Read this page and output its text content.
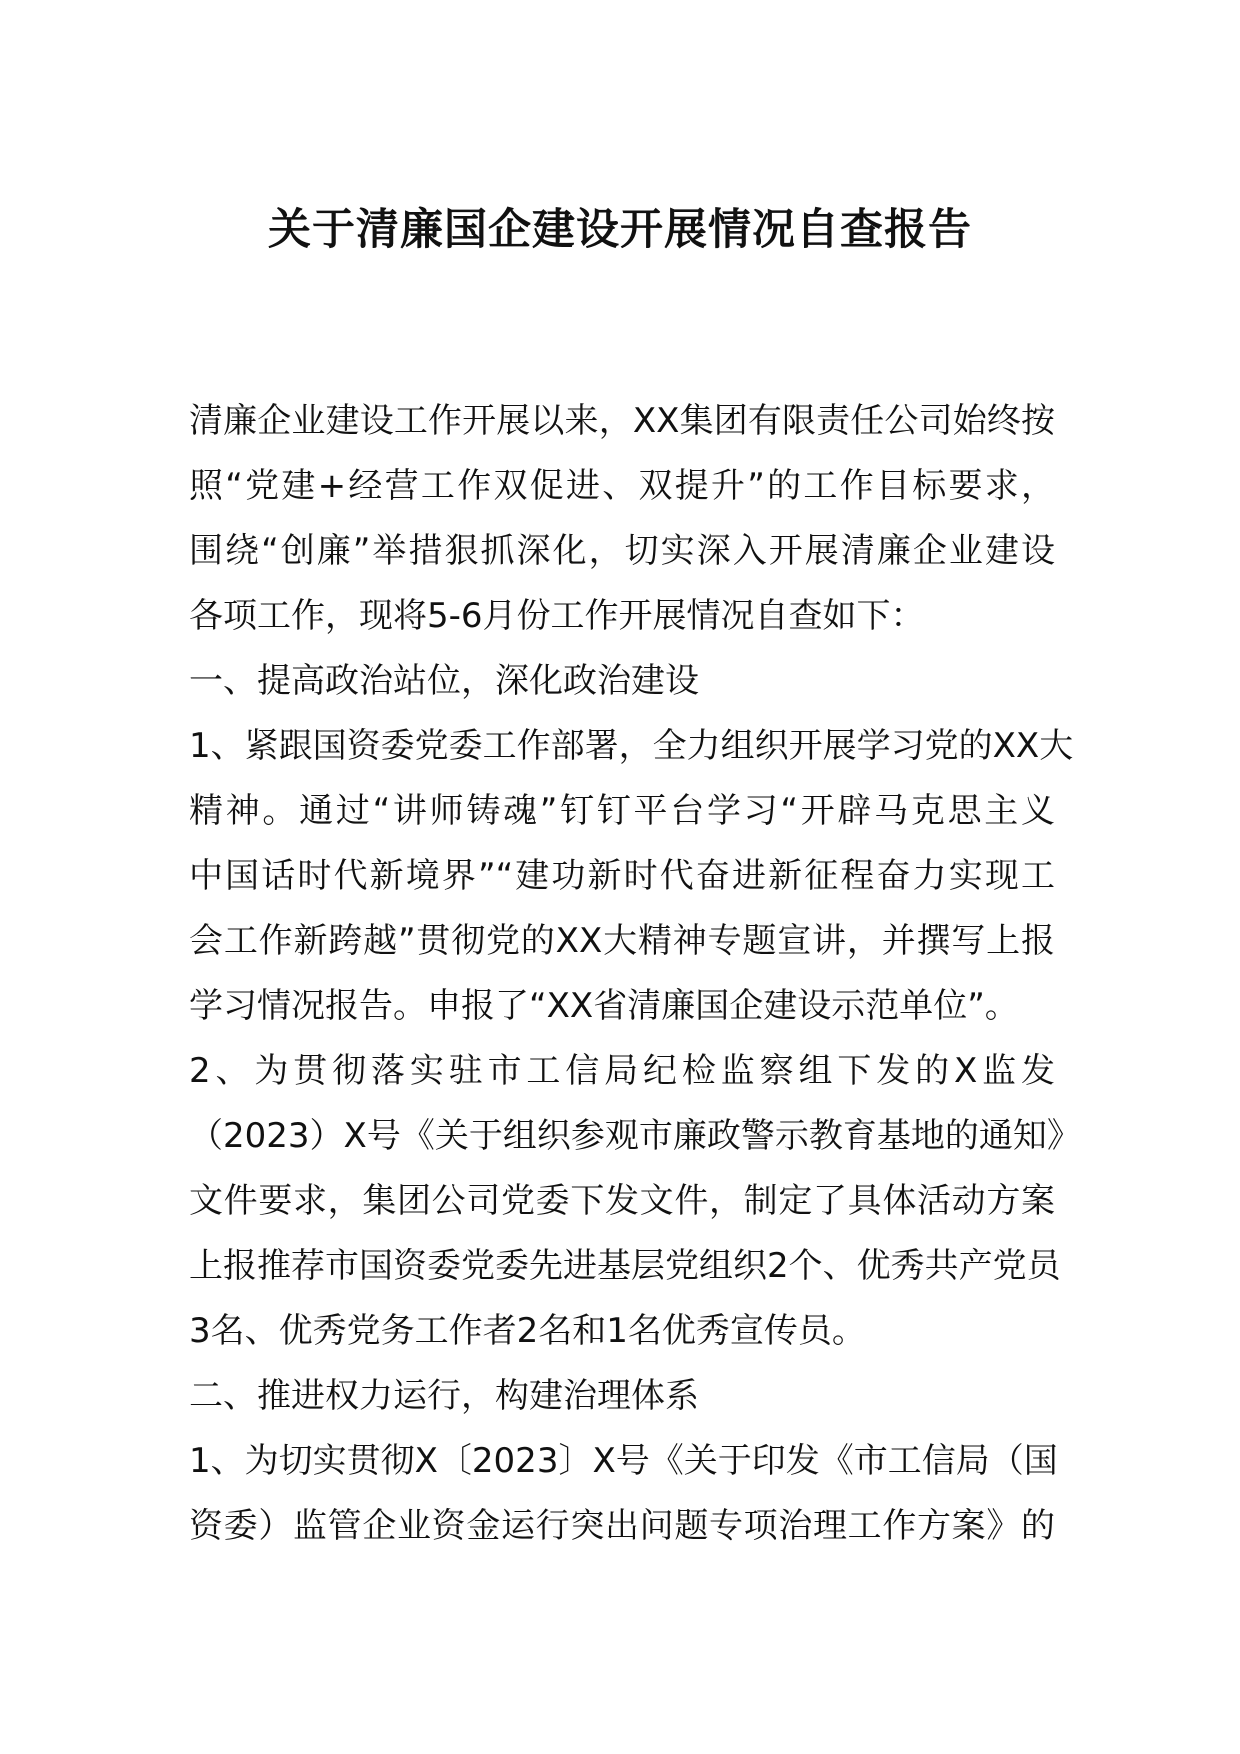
关于清廉国企建设开展情况自查报告
清廉企业建设工作开展以来，XX集团有限责任公司始终按
照“党建+经营工作双促进、双提升”的工作目标要求，
围绕“创廉”举措狠抓深化，切实深入开展清廉企业建设
各项工作，现将5-6月份工作开展情况自查如下：
一、提高政治站位，深化政治建设
1、紧跟国资委党委工作部署，全力组织开展学习党的XX大
精神。通过“讲师铸魂”钉钉平台学习“开辟马克思主义
中国话时代新境界”“建功新时代奋进新征程奋力实现工
会工作新跨越”贯彻党的XX大精神专题宣讲，并撰写上报
学习情况报告。申报了“XX省清廉国企建设示范单位”。
2、为贯彻落实驻市工信局纪检监察组下发的X监发
（2023）X号《关于组织参观市廉政警示教育基地的通知》
文件要求，集团公司党委下发文件，制定了具体活动方案
上报推荐市国资委党委先进基层党组织2个、优秀共产党员
3名、优秀党务工作者2名和1名优秀宣传员。
二、推进权力运行，构建治理体系
1、为切实贯彻X〔2023〕X号《关于印发《市工信局（国
资委）监管企业资金运行突出问题专项治理工作方案》的
